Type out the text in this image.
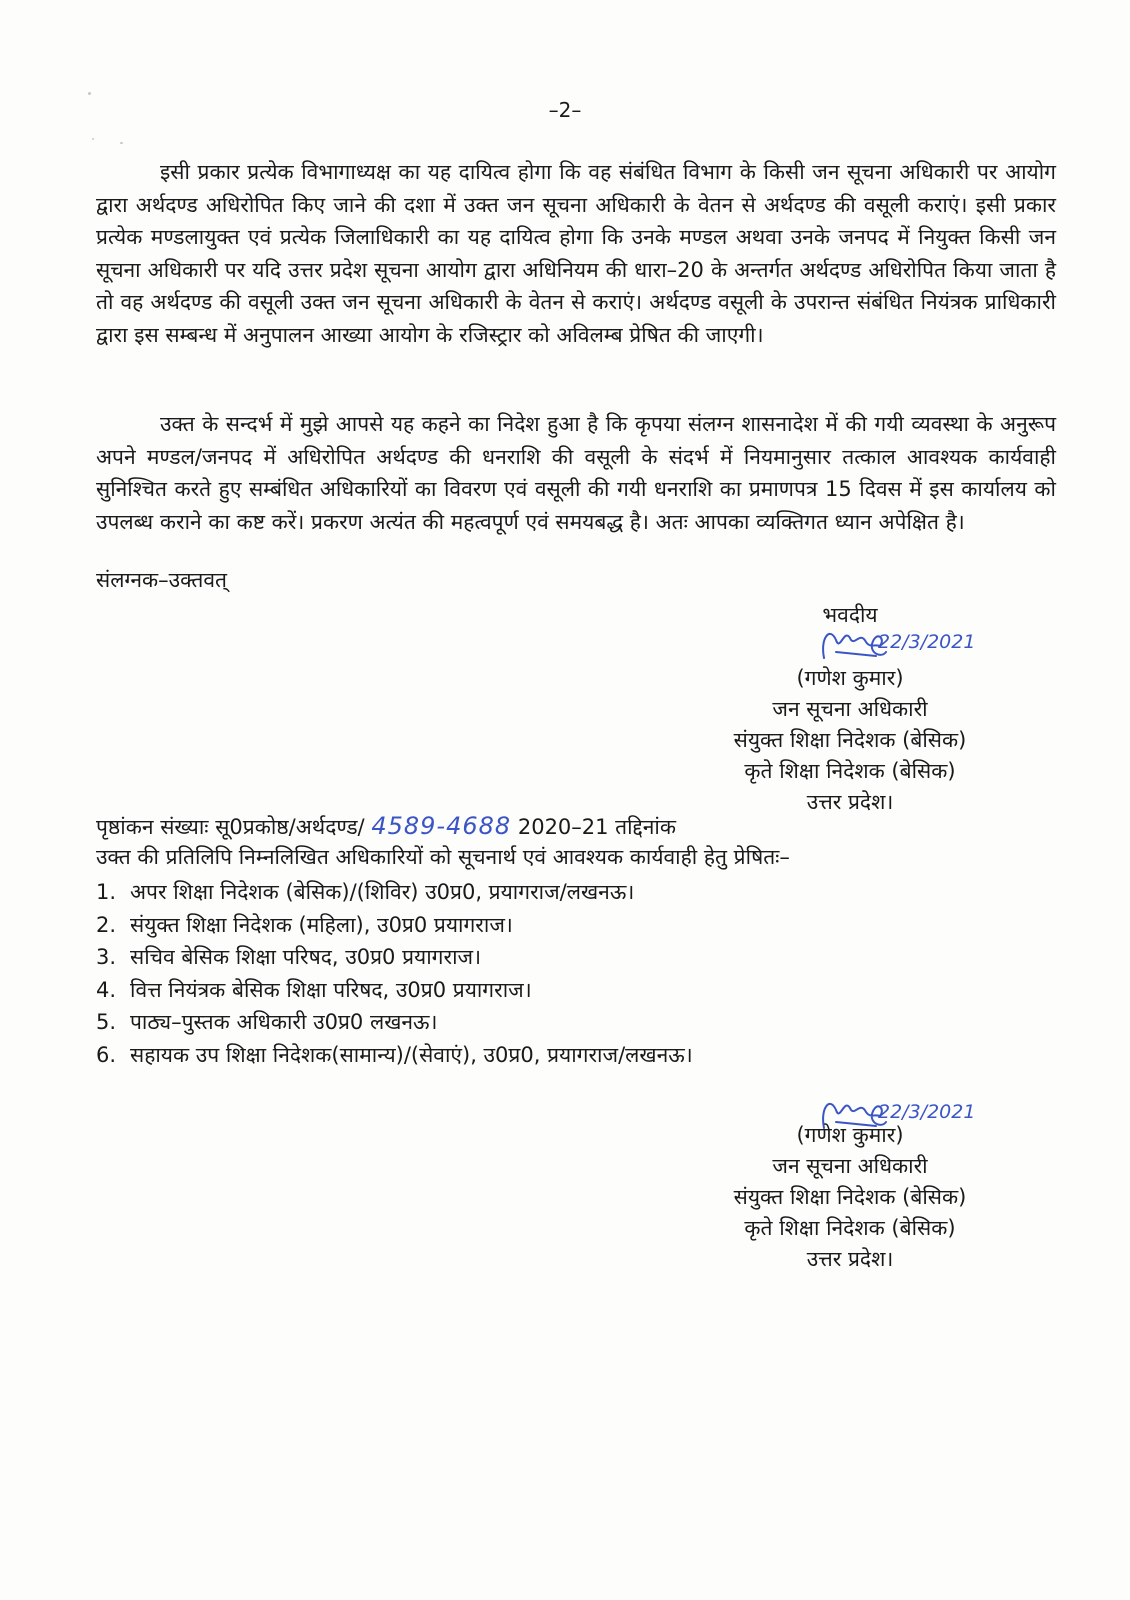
–2–

इसी प्रकार प्रत्येक विभागाध्यक्ष का यह दायित्व होगा कि वह संबंधित विभाग के किसी जन सूचना अधिकारी पर आयोग द्वारा अर्थदण्ड अधिरोपित किए जाने की दशा में उक्त जन सूचना अधिकारी के वेतन से अर्थदण्ड की वसूली कराएं। इसी प्रकार प्रत्येक मण्डलायुक्त एवं प्रत्येक जिलाधिकारी का यह दायित्व होगा कि उनके मण्डल अथवा उनके जनपद में नियुक्त किसी जन सूचना अधिकारी पर यदि उत्तर प्रदेश सूचना आयोग द्वारा अधिनियम की धारा–20 के अन्तर्गत अर्थदण्ड अधिरोपित किया जाता है तो वह अर्थदण्ड की वसूली उक्त जन सूचना अधिकारी के वेतन से कराएं। अर्थदण्ड वसूली के उपरान्त संबंधित नियंत्रक प्राधिकारी द्वारा इस सम्बन्ध में अनुपालन आख्या आयोग के रजिस्ट्रार को अविलम्ब प्रेषित की जाएगी।

उक्त के सन्दर्भ में मुझे आपसे यह कहने का निदेश हुआ है कि कृपया संलग्न शासनादेश में की गयी व्यवस्था के अनुरूप अपने मण्डल/जनपद में अधिरोपित अर्थदण्ड की धनराशि की वसूली के संदर्भ में नियमानुसार तत्काल आवश्यक कार्यवाही सुनिश्चित करते हुए सम्बंधित अधिकारियों का विवरण एवं वसूली की गयी धनराशि का प्रमाणपत्र 15 दिवस में इस कार्यालय को उपलब्ध कराने का कष्ट करें। प्रकरण अत्यंत की महत्वपूर्ण एवं समयबद्ध है। अतः आपका व्यक्तिगत ध्यान अपेक्षित है।

संलग्नक–उक्तवत्
भवदीय
(गणेश कुमार)
जन सूचना अधिकारी
संयुक्त शिक्षा निदेशक (बेसिक)
कृते शिक्षा निदेशक (बेसिक)
उत्तर प्रदेश।
22/3/2021
पृष्ठांकन संख्याः सू0प्रकोष्ठ/अर्थदण्ड/ 4589-4688 2020–21 तद्दिनांक
उक्त की प्रतिलिपि निम्नलिखित अधिकारियों को सूचनार्थ एवं आवश्यक कार्यवाही हेतु प्रेषितः–
1. अपर शिक्षा निदेशक (बेसिक)/(शिविर) उ0प्र0, प्रयागराज/लखनऊ।
2. संयुक्त शिक्षा निदेशक (महिला), उ0प्र0 प्रयागराज।
3. सचिव बेसिक शिक्षा परिषद, उ0प्र0 प्रयागराज।
4. वित्त नियंत्रक बेसिक शिक्षा परिषद, उ0प्र0 प्रयागराज।
5. पाठ्य–पुस्तक अधिकारी उ0प्र0 लखनऊ।
6. सहायक उप शिक्षा निदेशक(सामान्य)/(सेवाएं), उ0प्र0, प्रयागराज/लखनऊ।
(गणेश कुमार)
जन सूचना अधिकारी
संयुक्त शिक्षा निदेशक (बेसिक)
कृते शिक्षा निदेशक (बेसिक)
उत्तर प्रदेश।
22/3/2021
